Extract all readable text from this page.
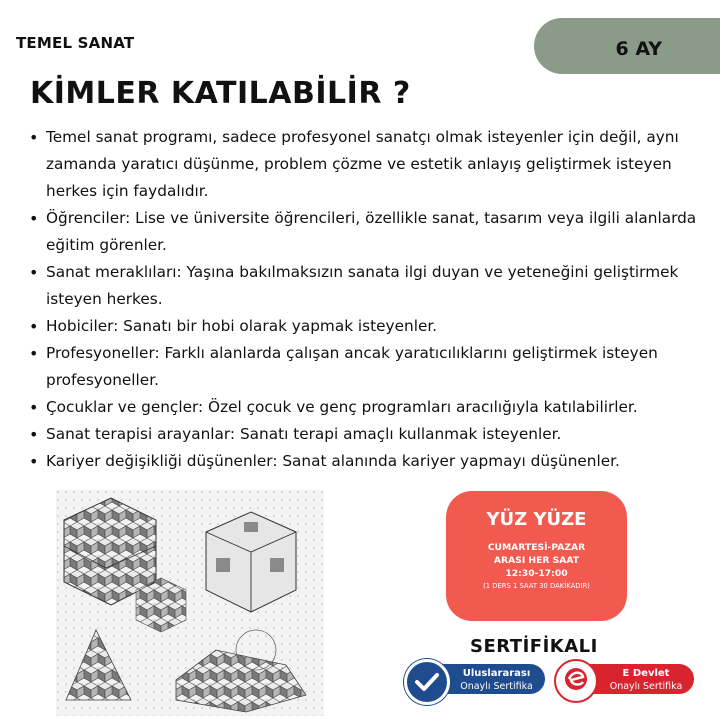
TEMEL SANAT	6 AY
KİMLER KATILABİLİR ?
• Temel sanat programı, sadece profesyonel sanatçı olmak isteyenler için değil, aynı zamanda yaratıcı düşünme, problem çözme ve estetik anlayış geliştirmek isteyen herkes için faydalıdır.
• Öğrenciler: Lise ve üniversite öğrencileri, özellikle sanat, tasarım veya ilgili alanlarda eğitim görenler.
• Sanat meraklıları: Yaşına bakılmaksızın sanata ilgi duyan ve yeteneğini geliştirmek isteyen herkes.
• Hobiciler: Sanatı bir hobi olarak yapmak isteyenler.
• Profesyoneller: Farklı alanlarda çalışan ancak yaratıcılıklarını geliştirmek isteyen profesyoneller.
• Çocuklar ve gençler: Özel çocuk ve genç programları aracılığıyla katılabilirler.
• Sanat terapisi arayanlar: Sanatı terapi amaçlı kullanmak isteyenler.
• Kariyer değişikliği düşünenler: Sanat alanında kariyer yapmayı düşünenler.
YÜZ YÜZE
CUMARTESİ-PAZAR
ARASI HER SAAT
12:30-17:00
(1 DERS 1 SAAT 30 DAKİKADIR)
SERTİFİKALI
Uluslararası
Onaylı Sertifika
E Devlet
Onaylı Sertifika
